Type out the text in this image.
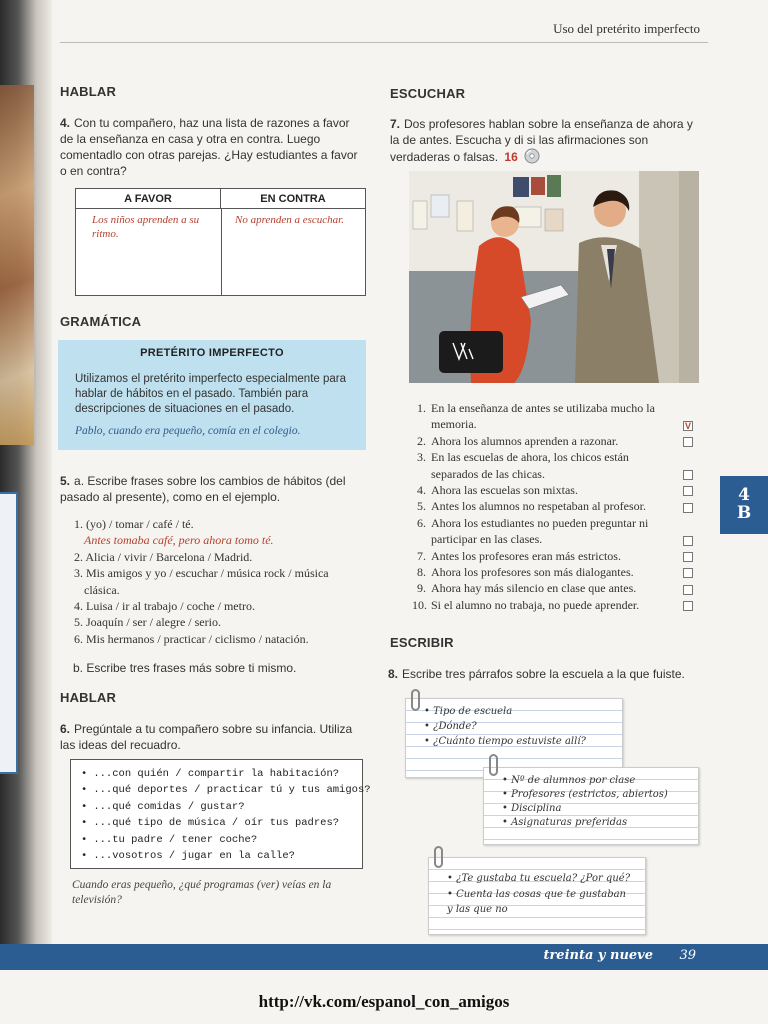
Uso del pretérito imperfecto
HABLAR
4. Con tu compañero, haz una lista de razones a favor de la enseñanza en casa y otra en contra. Luego comentadlo con otras parejas. ¿Hay estudiantes a favor o en contra?
A FAVOR	EN CONTRA
Los niños aprenden a su ritmo.
No aprenden a escuchar.
GRAMÁTICA
PRETÉRITO IMPERFECTO
Utilizamos el pretérito imperfecto especialmente para hablar de hábitos en el pasado. También para descripciones de situaciones en el pasado.
Pablo, cuando era pequeño, comía en el colegio.
5. a. Escribe frases sobre los cambios de hábitos (del pasado al presente), como en el ejemplo.
1. (yo) / tomar / café / té.
Antes tomaba café, pero ahora tomo té.
2. Alicia / vivir / Barcelona / Madrid.
3. Mis amigos y yo / escuchar / música rock / música clásica.
4. Luisa / ir al trabajo / coche / metro.
5. Joaquín / ser / alegre / serio.
6. Mis hermanos / practicar / ciclismo / natación.
b. Escribe tres frases más sobre ti mismo.
HABLAR
6. Pregúntale a tu compañero sobre su infancia. Utiliza las ideas del recuadro.
• ...con quién / compartir la habitación?
• ...qué deportes / practicar tú y tus amigos?
• ...qué comidas / gustar?
• ...qué tipo de música / oír tus padres?
• ...tu padre / tener coche?
• ...vosotros / jugar en la calle?
Cuando eras pequeño, ¿qué programas (ver) veías en la televisión?
ESCUCHAR
7. Dos profesores hablan sobre la enseñanza de ahora y la de antes. Escucha y di si las afirmaciones son verdaderas o falsas. 16
1. En la enseñanza de antes se utilizaba mucho la memoria.	V
2. Ahora los alumnos aprenden a razonar.
3. En las escuelas de ahora, los chicos están separados de las chicas.
4. Ahora las escuelas son mixtas.
5. Antes los alumnos no respetaban al profesor.
6. Ahora los estudiantes no pueden preguntar ni participar en las clases.
7. Antes los profesores eran más estrictos.
8. Ahora los profesores son más dialogantes.
9. Ahora hay más silencio en clase que antes.
10. Si el alumno no trabaja, no puede aprender.
4
B
ESCRIBIR
8. Escribe tres párrafos sobre la escuela a la que fuiste.
• Tipo de escuela
• ¿Dónde?
• ¿Cuánto tiempo estuviste allí?
• Nº de alumnos por clase
• Profesores (estrictos, abiertos)
• Disciplina
• Asignaturas preferidas
• ¿Te gustaba tu escuela? ¿Por qué?
• Cuenta las cosas que te gustaban
y las que no
treinta y nueve 39
http://vk.com/espanol_con_amigos
